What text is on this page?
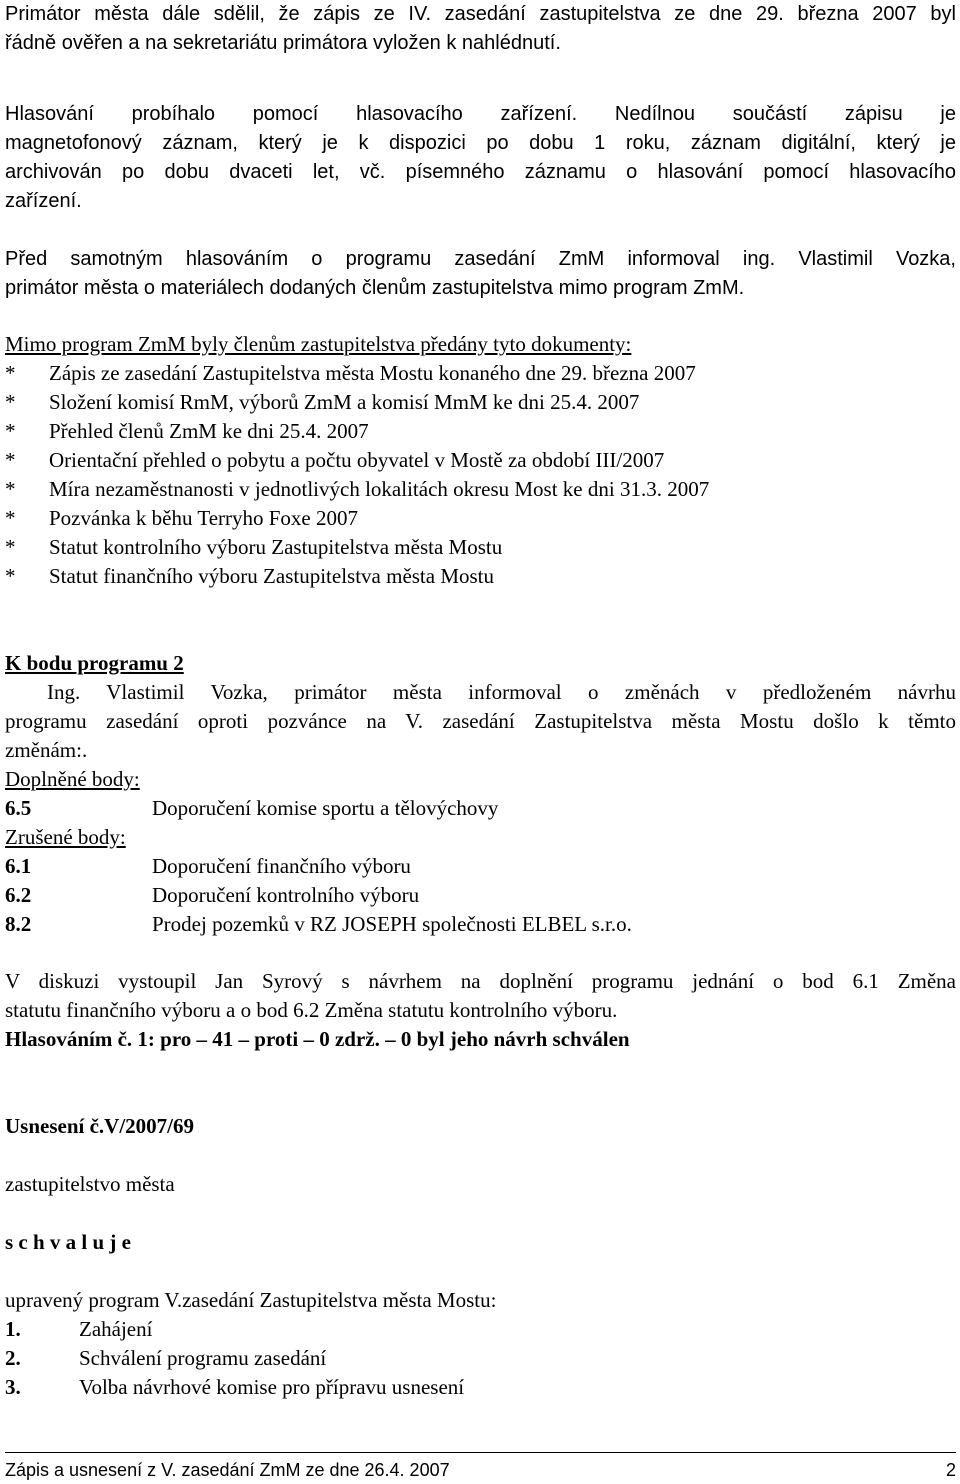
Primátor města dále sdělil, že zápis ze IV. zasedání zastupitelstva ze dne 29. března 2007 byl
řádně ověřen a na sekretariátu primátora vyložen k nahlédnutí.
Hlasování probíhalo pomocí hlasovacího zařízení. Nedílnou součástí zápisu je
magnetofonový záznam, který je k dispozici po dobu 1 roku, záznam digitální, který je
archivován po dobu dvaceti let, vč. písemného záznamu o hlasování pomocí hlasovacího
zařízení.
Před samotným hlasováním o programu zasedání ZmM informoval ing. Vlastimil Vozka,
primátor města o materiálech dodaných členům zastupitelstva mimo program ZmM.
Mimo program ZmM byly členům zastupitelstva předány tyto dokumenty:
*	Zápis ze zasedání Zastupitelstva města Mostu konaného dne 29. března 2007
*	Složení komisí RmM, výborů ZmM a komisí MmM ke dni 25.4. 2007
*	Přehled členů ZmM ke dni 25.4. 2007
*	Orientační přehled o pobytu a počtu obyvatel v Mostě za období III/2007
*	Míra nezaměstnanosti v jednotlivých lokalitách okresu Most ke dni 31.3. 2007
*	Pozvánka k běhu Terryho Foxe 2007
*	Statut kontrolního výboru Zastupitelstva města Mostu
*	Statut finančního výboru Zastupitelstva města Mostu
K bodu programu 2
Ing. Vlastimil Vozka, primátor města informoval o změnách v předloženém návrhu
programu zasedání oproti pozvánce na V. zasedání Zastupitelstva města Mostu došlo k těmto
změnám:.
Doplněné body:
6.5	Doporučení komise sportu a tělovýchovy
Zrušené body:
6.1	Doporučení finančního výboru
6.2	Doporučení kontrolního výboru
8.2	Prodej pozemků v RZ JOSEPH společnosti ELBEL s.r.o.
V diskuzi vystoupil Jan Syrový s návrhem na doplnění programu jednání o bod 6.1 Změna
statutu finančního výboru a o bod 6.2 Změna statutu kontrolního výboru.
Hlasováním č. 1: pro – 41 – proti – 0 zdrž. – 0 byl jeho návrh schválen
Usnesení č.V/2007/69
zastupitelstvo města
s c h v a l u j e
upravený program V.zasedání Zastupitelstva města Mostu:
1.	Zahájení
2.	Schválení programu zasedání
3.	Volba návrhové komise pro přípravu usnesení
Zápis a usnesení z V. zasedání ZmM ze dne 26.4. 2007	2
